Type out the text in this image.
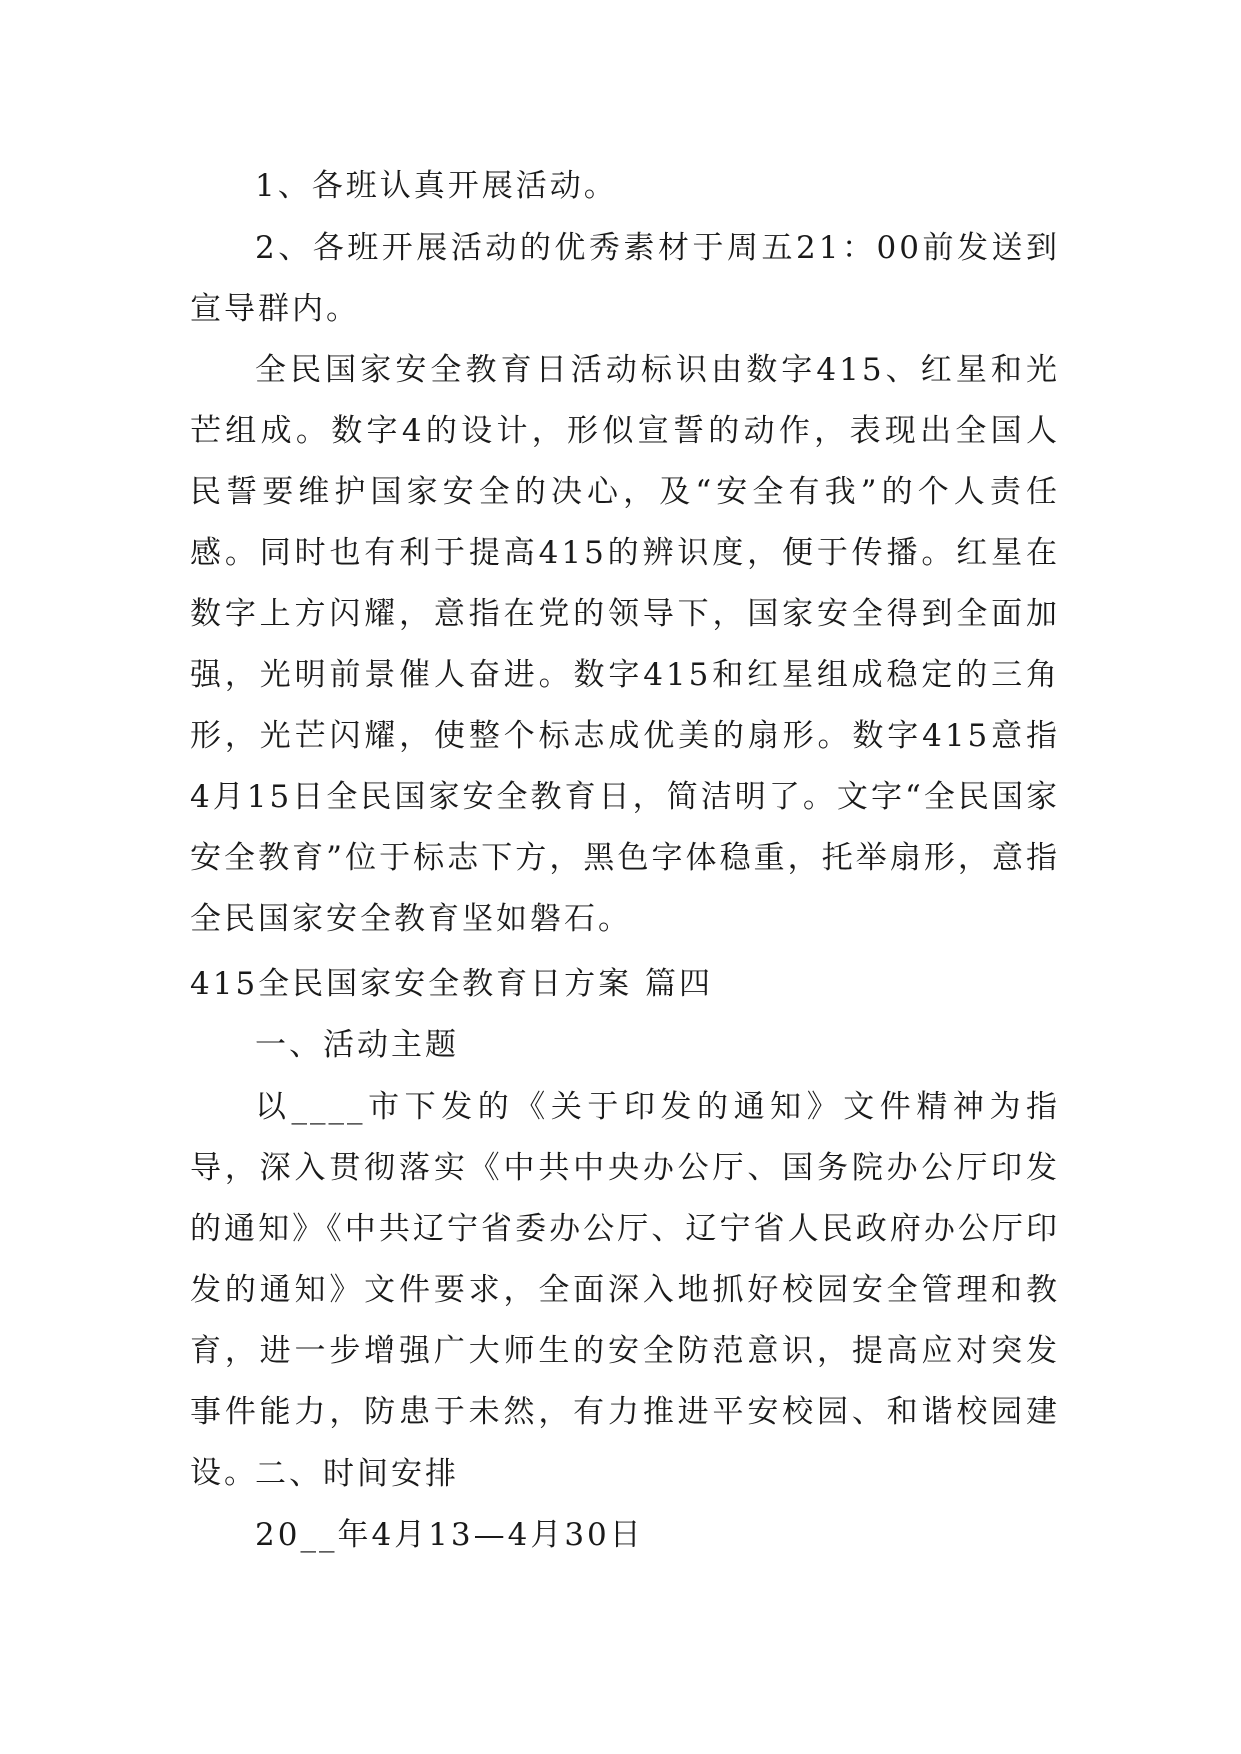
1、各班认真开展活动。

2、各班开展活动的优秀素材于周五21：00前发送到宣导群内。

全民国家安全教育日活动标识由数字415、红星和光芒组成。数字4的设计，形似宣誓的动作，表现出全国人民誓要维护国家安全的决心，及“安全有我”的个人责任感。同时也有利于提高415的辨识度，便于传播。红星在数字上方闪耀，意指在党的领导下，国家安全得到全面加强，光明前景催人奋进。数字415和红星组成稳定的三角形，光芒闪耀，使整个标志成优美的扇形。数字415意指4月15日全民国家安全教育日，简洁明了。文字“全民国家安全教育”位于标志下方，黑色字体稳重，托举扇形，意指全民国家安全教育坚如磐石。

415全民国家安全教育日方案 篇四

一、活动主题

以____市下发的《关于印发的通知》文件精神为指导，深入贯彻落实《中共中央办公厅、国务院办公厅印发的通知》《中共辽宁省委办公厅、辽宁省人民政府办公厅印发的通知》文件要求，全面深入地抓好校园安全管理和教育，进一步增强广大师生的安全防范意识，提高应对突发事件能力，防患于未然，有力推进平安校园、和谐校园建设。

二、时间安排

20__年4月13—4月30日
